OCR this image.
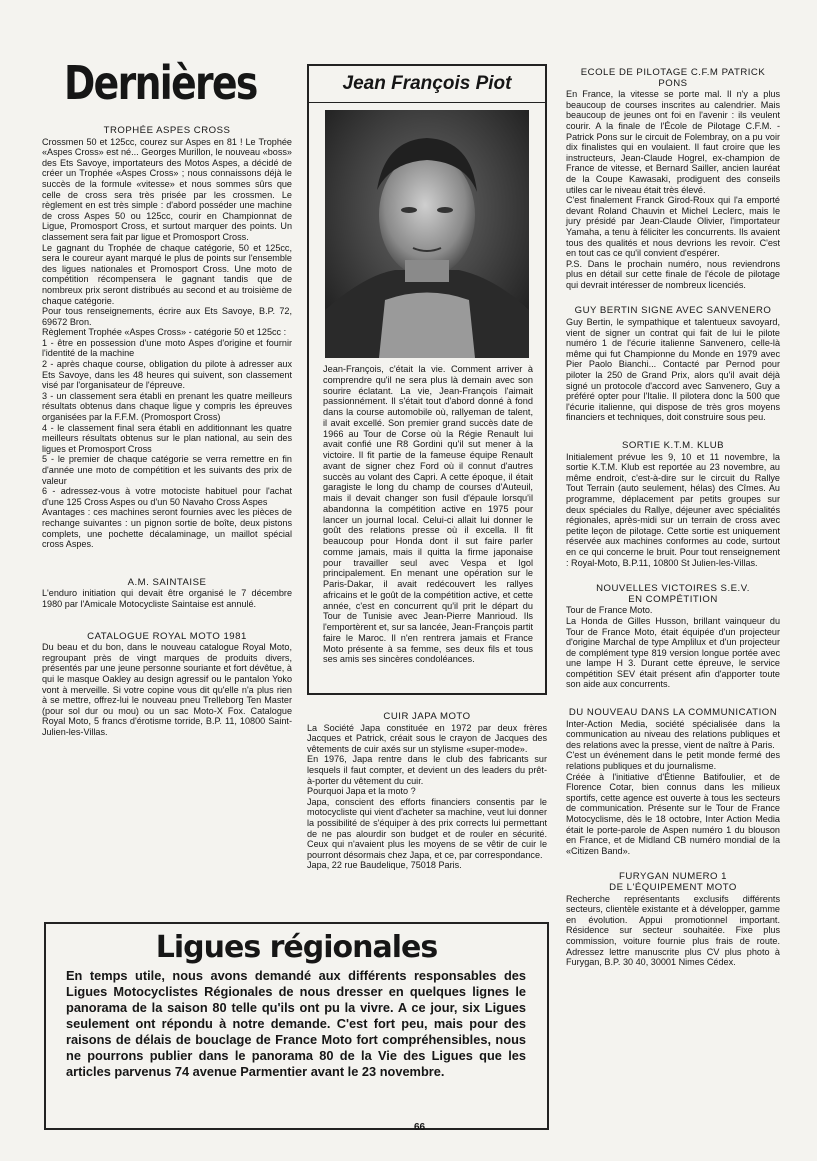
Dernières
TROPHÉE ASPES CROSS

Crossmen 50 et 125cc, courez sur Aspes en 81 ! Le Trophée «Aspes Cross» est né... Georges Murillon, le nouveau «boss» des Ets Savoye, importateurs des Motos Aspes, a décidé de créer un Trophée «Aspes Cross» ; nous connaissons déjà le succès de la formule «vitesse» et nous sommes sûrs que celle de cross sera très prisée par les crossmen. Le règlement en est très simple : d'abord posséder une machine de cross Aspes 50 ou 125cc, courir en Championnat de Ligue, Promosport Cross, et surtout marquer des points. Un classement sera fait par ligue et Promosport Cross.
Le gagnant du Trophée de chaque catégorie, 50 et 125cc, sera le coureur ayant marqué le plus de points sur l'ensemble des ligues nationales et Promosport Cross. Une moto de compétition récompensera le gagnant tandis que de nombreux prix seront distribués au second et au troisième de chaque catégorie.
Pour tous renseignements, écrire aux Ets Savoye, B.P. 72, 69672 Bron.
Règlement Trophée «Aspes Cross» - catégorie 50 et 125cc :
1 - être en possession d'une moto Aspes d'origine et fournir l'identité de la machine
2 - après chaque course, obligation du pilote à adresser aux Ets Savoye, dans les 48 heures qui suivent, son classement visé par l'organisateur de l'épreuve.
3 - un classement sera établi en prenant les quatre meilleurs résultats obtenus dans chaque ligue y compris les épreuves organisées par la F.F.M. (Promosport Cross)
4 - le classement final sera établi en additionnant les quatre meilleurs résultats obtenus sur le plan national, au sein des ligues et Promosport Cross
5 - le premier de chaque catégorie se verra remettre en fin d'année une moto de compétition et les suivants des prix de valeur
6 - adressez-vous à votre motociste habituel pour l'achat d'une 125 Cross Aspes ou d'un 50 Navaho Cross Aspes
Avantages : ces machines seront fournies avec les pièces de rechange suivantes : un pignon sortie de boîte, deux pistons complets, une pochette décalaminage, un maillot spécial cross Aspes.

A.M. SAINTAISE

L'enduro initiation qui devait être organisé le 7 décembre 1980 par l'Amicale Motocycliste Saintaise est annulé.

CATALOGUE ROYAL MOTO 1981

Du beau et du bon, dans le nouveau catalogue Royal Moto, regroupant près de vingt marques de produits divers, présentés par une jeune personne souriante et fort dévêtue, à qui le masque Oakley au design agressif ou le pantalon Yoko vont à merveille. Si votre copine vous dit qu'elle n'a plus rien à se mettre, offrez-lui le nouveau pneu Trelleborg Ten Master (pour sol dur ou mou) ou un sac Moto-X Fox. Catalogue Royal Moto, 5 francs d'érotisme torride, B.P. 11, 10800 Saint-Julien-les-Villas.

Jean François Piot

Jean-François, c'était la vie. Comment arriver à comprendre qu'il ne sera plus là demain avec son sourire éclatant. La vie, Jean-François l'aimait passionnément. Il s'était tout d'abord donné à fond dans la course automobile où, rallyeman de talent, il avait excellé. Son premier grand succès date de 1966 au Tour de Corse où la Régie Renault lui avait confié une R8 Gordini qu'il sut mener à la victoire. Il fit partie de la fameuse équipe Renault avant de signer chez Ford où il connut d'autres succès au volant des Capri. A cette époque, il était garagiste le long du champ de courses d'Auteuil, mais il devait changer son fusil d'épaule lorsqu'il abandonna la compétition active en 1975 pour lancer un journal local. Celui-ci allait lui donner le goût des relations presse où il excella. Il fit beaucoup pour Honda dont il sut faire parler comme jamais, mais il quitta la firme japonaise pour travailler seul avec Vespa et Igol principalement. En menant une opération sur le Paris-Dakar, il avait redécouvert les rallyes africains et le goût de la compétition active, et cette année, c'est en concurrent qu'il prit le départ du Tour de Tunisie avec Jean-Pierre Manrioud. Ils l'emportèrent et, sur sa lancée, Jean-François partit faire le Maroc. Il n'en rentrera jamais et France Moto présente à sa femme, ses deux fils et tous ses amis ses sincères condoléances.

CUIR JAPA MOTO

La Société Japa constituée en 1972 par deux frères Jacques et Patrick, créait sous le crayon de Jacques des vêtements de cuir axés sur un stylisme «super-mode».
En 1976, Japa rentre dans le club des fabricants sur lesquels il faut compter, et devient un des leaders du prêt-à-porter du vêtement du cuir.
Pourquoi Japa et la moto ?
Japa, conscient des efforts financiers consentis par le motocycliste qui vient d'acheter sa machine, veut lui donner la possibilité de s'équiper à des prix corrects lui permettant de ne pas alourdir son budget et de rouler en sécurité. Ceux qui n'avaient plus les moyens de se vêtir de cuir le pourront désormais chez Japa, et ce, par correspondance.
Japa, 22 rue Baudelique, 75018 Paris.

ECOLE DE PILOTAGE C.F.M PATRICK PONS

En France, la vitesse se porte mal. Il n'y a plus beaucoup de courses inscrites au calendrier. Mais beaucoup de jeunes ont foi en l'avenir : ils veulent courir. A la finale de l'École de Pilotage C.F.M. - Patrick Pons sur le circuit de Folembray, on a pu voir dix finalistes qui en voulaient. Il faut croire que les instructeurs, Jean-Claude Hogrel, ex-champion de France de vitesse, et Bernard Sailler, ancien lauréat de la Coupe Kawasaki, prodiguent des conseils utiles car le niveau était très élevé.
C'est finalement Franck Girod-Roux qui l'a emporté devant Roland Chauvin et Michel Leclerc, mais le jury présidé par Jean-Claude Olivier, l'importateur Yamaha, a tenu à féliciter les concurrents. Ils avaient tous des qualités et nous devrions les revoir. C'est en tout cas ce qu'il convient d'espérer.
P.S. Dans le prochain numéro, nous reviendrons plus en détail sur cette finale de l'école de pilotage qui devrait intéresser de nombreux licenciés.

GUY BERTIN SIGNE AVEC SANVENERO

Guy Bertin, le sympathique et talentueux savoyard, vient de signer un contrat qui fait de lui le pilote numéro 1 de l'écurie italienne Sanvenero, celle-là même qui fut Championne du Monde en 1979 avec Pier Paolo Bianchi... Contacté par Pernod pour piloter la 250 de Grand Prix, alors qu'il avait déjà signé un protocole d'accord avec Sanvenero, Guy a préféré opter pour l'Italie. Il pilotera donc la 500 que l'écurie italienne, qui dispose de très gros moyens financiers et techniques, doit construire sous peu.

SORTIE K.T.M. KLUB

Initialement prévue les 9, 10 et 11 novembre, la sortie K.T.M. Klub est reportée au 23 novembre, au même endroit, c'est-à-dire sur le circuit du Rallye Tout Terrain (auto seulement, hélas) des Cîmes. Au programme, déplacement par petits groupes sur deux spéciales du Rallye, déjeuner avec spécialités régionales, après-midi sur un terrain de cross avec petite leçon de pilotage. Cette sortie est uniquement réservée aux machines conformes au code, surtout en ce qui concerne le bruit. Pour tout renseignement : Royal-Moto, B.P.11, 10800 St Julien-les-Villas.

NOUVELLES VICTOIRES S.E.V.
EN COMPÉTITION

Tour de France Moto.
La Honda de Gilles Husson, brillant vainqueur du Tour de France Moto, était équipée d'un projecteur d'origine Marchal de type Amplilux et d'un projecteur de complément type 819 version longue portée avec une lampe H 3. Durant cette épreuve, le service compétition SEV était présent afin d'apporter toute son aide aux concurrents.

DU NOUVEAU DANS LA COMMUNICATION

Inter-Action Media, société spécialisée dans la communication au niveau des relations publiques et des relations avec la presse, vient de naître à Paris.
C'est un événement dans le petit monde fermé des relations publiques et du journalisme.
Créée à l'initiative d'Étienne Batifoulier, et de Florence Cotar, bien connus dans les milieux sportifs, cette agence est ouverte à tous les secteurs de communication. Présente sur le Tour de France Motocyclisme, dès le 18 octobre, Inter Action Media était le porte-parole de Aspen numéro 1 du blouson en France, et de Midland CB numéro mondial de la «Citizen Band».

FURYGAN NUMERO 1
DE L'ÉQUIPEMENT MOTO

Recherche représentants exclusifs différents secteurs, clientèle existante et à développer, gamme en évolution. Appui promotionnel important. Résidence sur secteur souhaitée. Fixe plus commission, voiture fournie plus frais de route. Adressez lettre manuscrite plus CV plus photo à Furygan, B.P. 30 40, 30001 Nimes Cédex.

Ligues régionales
En temps utile, nous avons demandé aux différents responsables des Ligues Motocyclistes Régionales de nous dresser en quelques lignes le panorama de la saison 80 telle qu'ils ont pu la vivre. A ce jour, six Ligues seulement ont répondu à notre demande. C'est fort peu, mais pour des raisons de délais de bouclage de France Moto fort compréhensibles, nous ne pourrons publier dans le panorama 80 de la Vie des Ligues que les articles parvenus 74 avenue Parmentier avant le 23 novembre.
66
